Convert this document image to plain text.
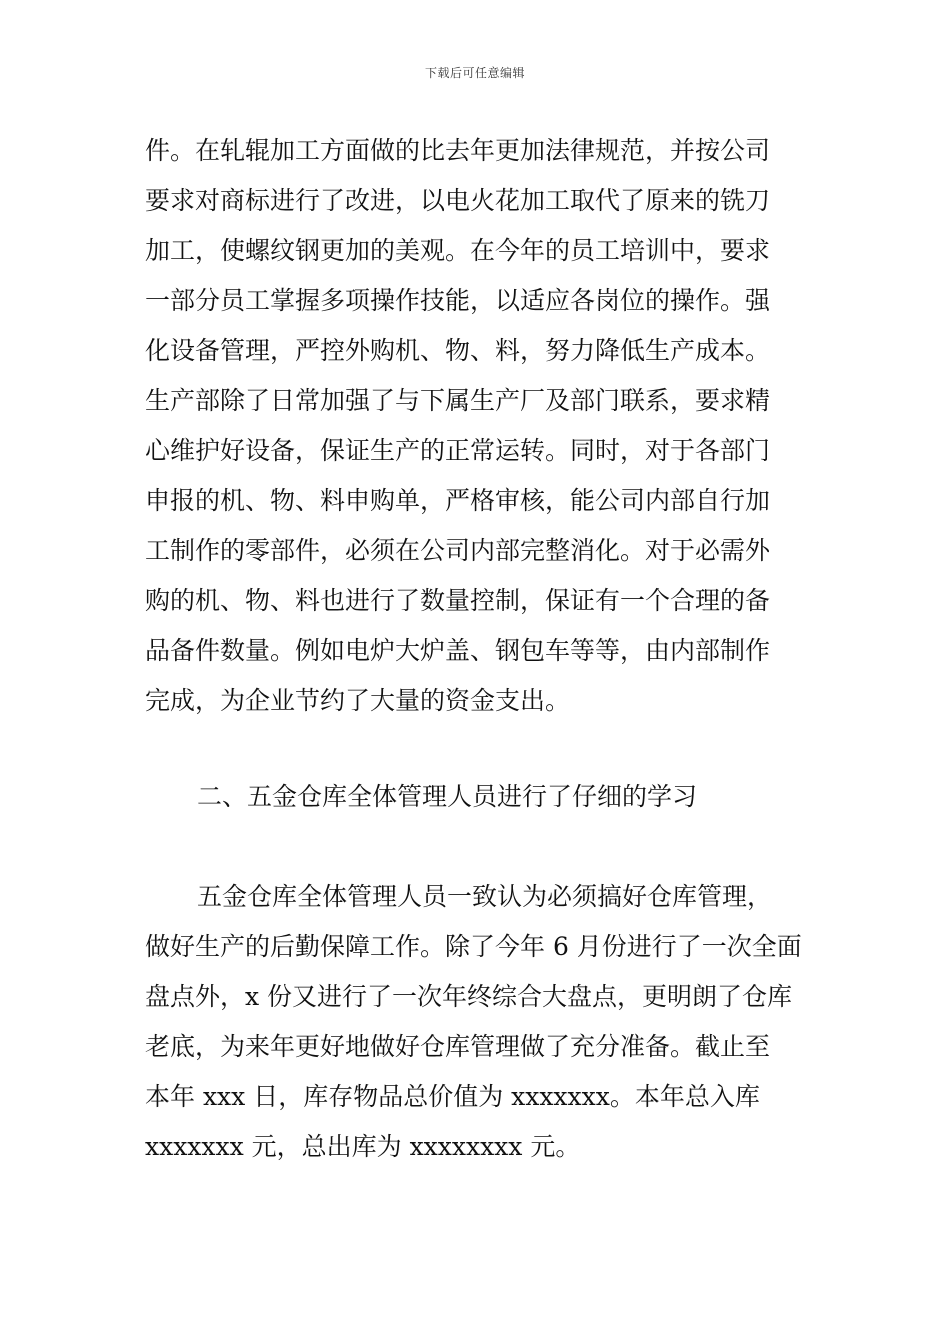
下载后可任意编辑
件。在轧辊加工方面做的比去年更加法律规范，并按公司
要求对商标进行了改进，以电火花加工取代了原来的铣刀
加工，使螺纹钢更加的美观。在今年的员工培训中，要求
一部分员工掌握多项操作技能，以适应各岗位的操作。强
化设备管理，严控外购机、物、料，努力降低生产成本。
生产部除了日常加强了与下属生产厂及部门联系，要求精
心维护好设备，保证生产的正常运转。同时，对于各部门
申报的机、物、料申购单，严格审核，能公司内部自行加
工制作的零部件，必须在公司内部完整消化。对于必需外
购的机、物、料也进行了数量控制，保证有一个合理的备
品备件数量。例如电炉大炉盖、钢包车等等，由内部制作
完成，为企业节约了大量的资金支出。
二、五金仓库全体管理人员进行了仔细的学习
五金仓库全体管理人员一致认为必须搞好仓库管理，
做好生产的后勤保障工作。除了今年 6 月份进行了一次全面
盘点外，x 份又进行了一次年终综合大盘点，更明朗了仓库
老底，为来年更好地做好仓库管理做了充分准备。截止至
本年 xxx 日，库存物品总价值为 xxxxxxx。本年总入库
xxxxxxx 元，总出库为 xxxxxxxx 元。
